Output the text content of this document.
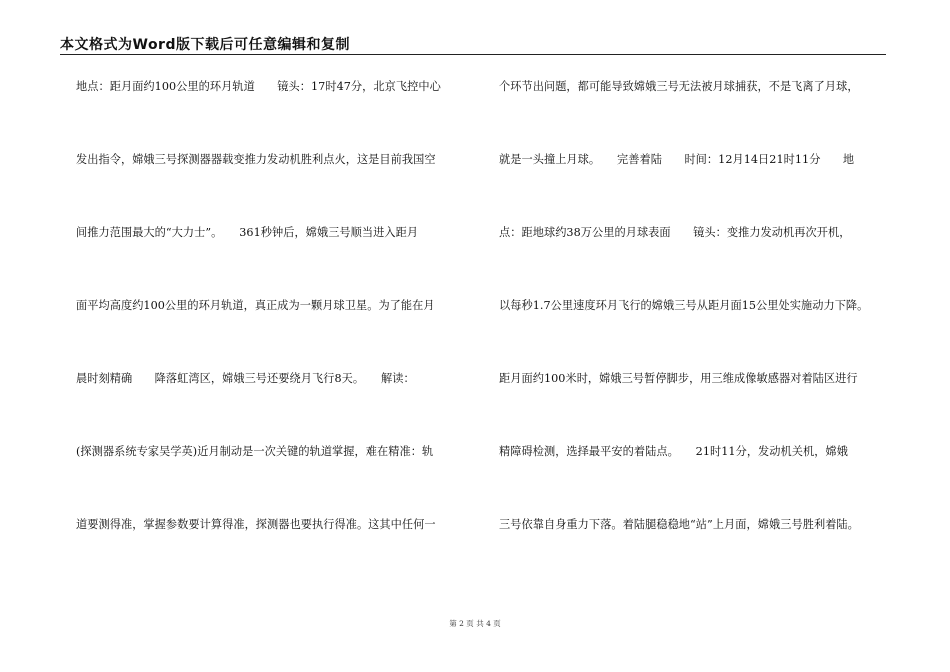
本文格式为Word版下载后可任意编辑和复制
地点：距月面约100公里的环月轨道　　镜头：17时47分，北京飞控中心
发出指令，嫦娥三号探测器器载变推力发动机胜利点火，这是目前我国空
间推力范围最大的“大力士”。　　361秒钟后，嫦娥三号顺当进入距月
面平均高度约100公里的环月轨道，真正成为一颗月球卫星。为了能在月
晨时刻精确　　降落虹湾区，嫦娥三号还要绕月飞行8天。　　解读：
(探测器系统专家吴学英)近月制动是一次关键的轨道掌握，难在精准：轨
道要测得准，掌握参数要计算得准，探测器也要执行得准。这其中任何一
个环节出问题，都可能导致嫦娥三号无法被月球捕获，不是飞离了月球，
就是一头撞上月球。　　完善着陆　　时间：12月14日21时11分　　地
点：距地球约38万公里的月球表面　　镜头：变推力发动机再次开机，
以每秒1.7公里速度环月飞行的嫦娥三号从距月面15公里处实施动力下降。
距月面约100米时，嫦娥三号暂停脚步，用三维成像敏感器对着陆区进行
精障碍检测，选择最平安的着陆点。　　21时11分，发动机关机，嫦娥
三号依靠自身重力下落。着陆腿稳稳地“站”上月面，嫦娥三号胜利着陆。
第 2 页 共 4 页
